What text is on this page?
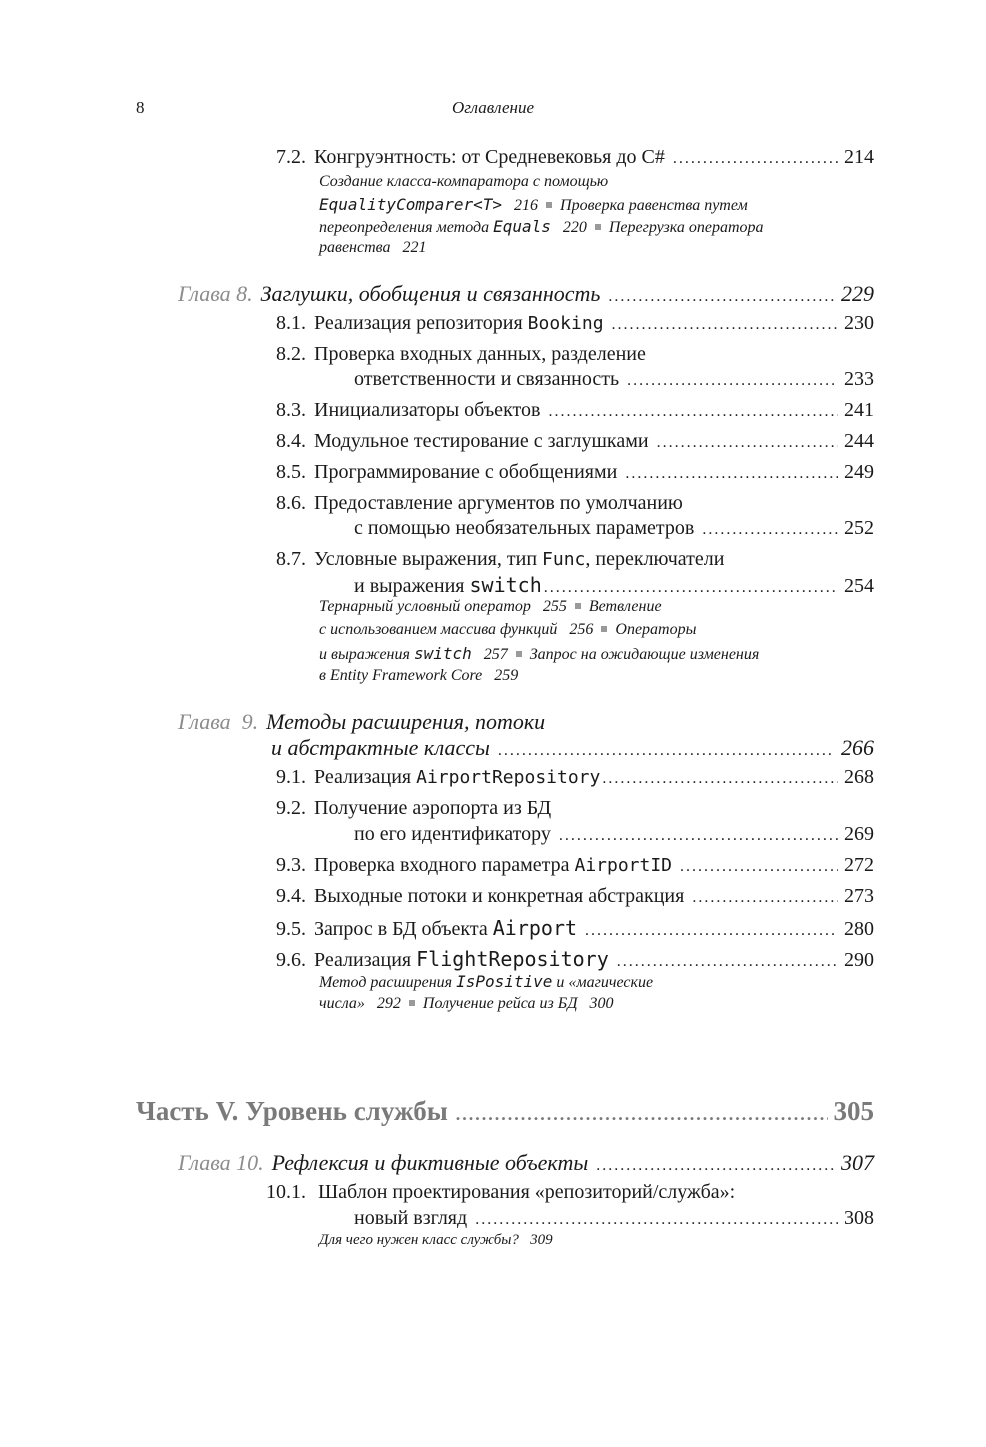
8	Оглавление
7.2. Конгруэнтность: от Средневековья до C# .....	214
Создание класса-компаратора с помощью
EqualityComparer<T> 216 Проверка равенства путем
переопределения метода Equals 220 Перегрузка оператора
равенства 221
Глава 8. Заглушки, обобщения и связанность .....	229
8.1. Реализация репозитория Booking .....	230
8.2. Проверка входных данных, разделение
ответственности и связанность .....	233
8.3. Инициализаторы объектов .....	241
8.4. Модульное тестирование с заглушками .....	244
8.5. Программирование с обобщениями .....	249
8.6. Предоставление аргументов по умолчанию
с помощью необязательных параметров .....	252
8.7. Условные выражения, тип Func , переключатели
и выражения switch .....	254
Тернарный условный оператор 255 Ветвление
с использованием массива функций 256 Операторы
и выражения switch 257 Запрос на ожидающие изменения
в Entity Framework Core 259
Глава  9. Методы расширения, потоки
и абстрактные классы .....	266
9.1. Реализация AirportRepository .....	268
9.2. Получение аэропорта из БД
по его идентификатору .....	269
9.3. Проверка входного параметра AirportID .....	272
9.4. Выходные потоки и конкретная абстракция .....	273
9.5. Запрос в БД объекта Airport .....	280
9.6. Реализация FlightRepository .....	290
Метод расширения IsPositive и «магические
числа» 292 Получение рейса из БД 300
Часть V. Уровень службы .....	305
Глава 10. Рефлексия и фиктивные объекты .....	307
10.1. Шаблон проектирования «репозиторий/служба»:
новый взгляд .....	308
Для чего нужен класс службы? 309
